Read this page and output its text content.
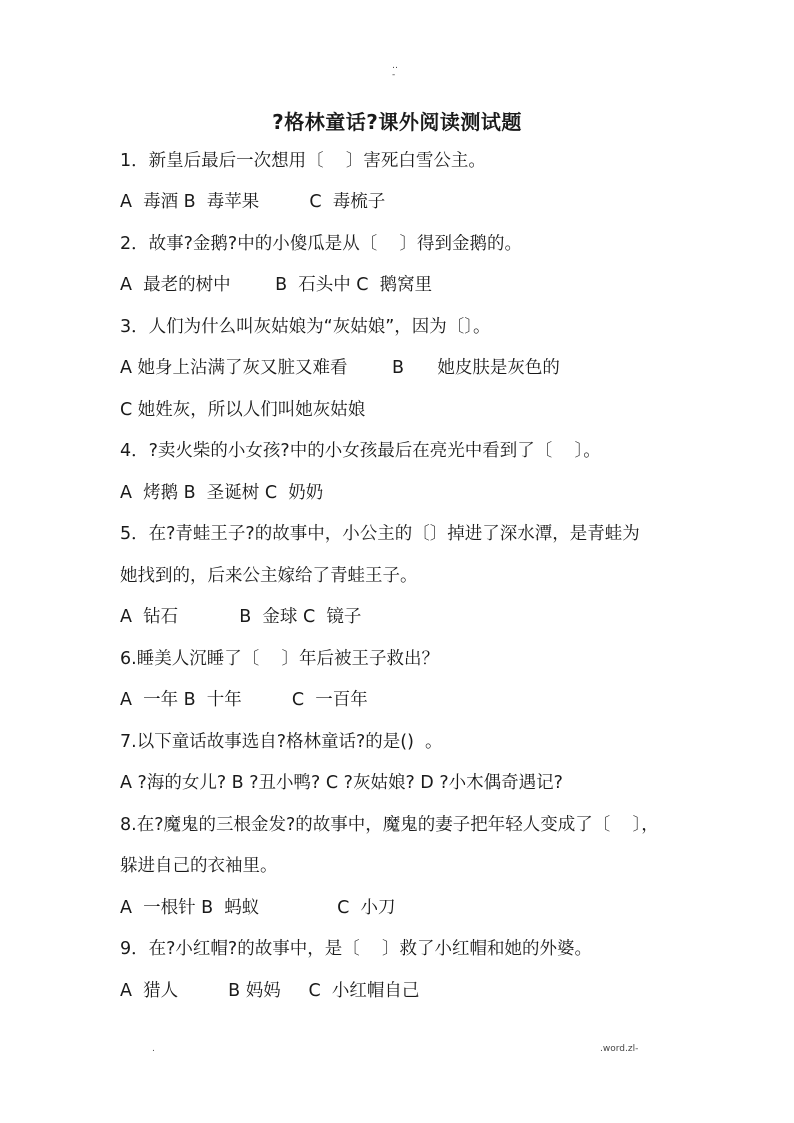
‥
-
?格林童话?课外阅读测试题
1．新皇后最后一次想用〔    〕害死白雪公主。
A  毒酒 B  毒苹果         C  毒梳子
2．故事?金鹅?中的小傻瓜是从〔    〕得到金鹅的。
A  最老的树中        B  石头中 C  鹅窝里
3．人们为什么叫灰姑娘为“灰姑娘”，因为〔〕。
A 她身上沾满了灰又脏又难看        B      她皮肤是灰色的
C 她姓灰，所以人们叫她灰姑娘
4．?卖火柴的小女孩?中的小女孩最后在亮光中看到了〔    〕。
A  烤鹅 B  圣诞树 C  奶奶
5．在?青蛙王子?的故事中，小公主的〔〕掉进了深水潭，是青蛙为
她找到的，后来公主嫁给了青蛙王子。
A  钻石           B  金球 C  镜子
6.睡美人沉睡了〔    〕年后被王子救出？
A  一年 B  十年         C  一百年
7.以下童话故事选自?格林童话?的是()  。
A ?海的女儿? B ?丑小鸭? C ?灰姑娘? D ?小木偶奇遇记?
8.在?魔鬼的三根金发?的故事中，魔鬼的妻子把年轻人变成了〔    〕，
躲进自己的衣袖里。
A  一根针 B  蚂蚁              C  小刀
9．在?小红帽?的故事中，是〔    〕救了小红帽和她的外婆。
A  猎人         B 妈妈     C  小红帽自己
.	.word.zl-
